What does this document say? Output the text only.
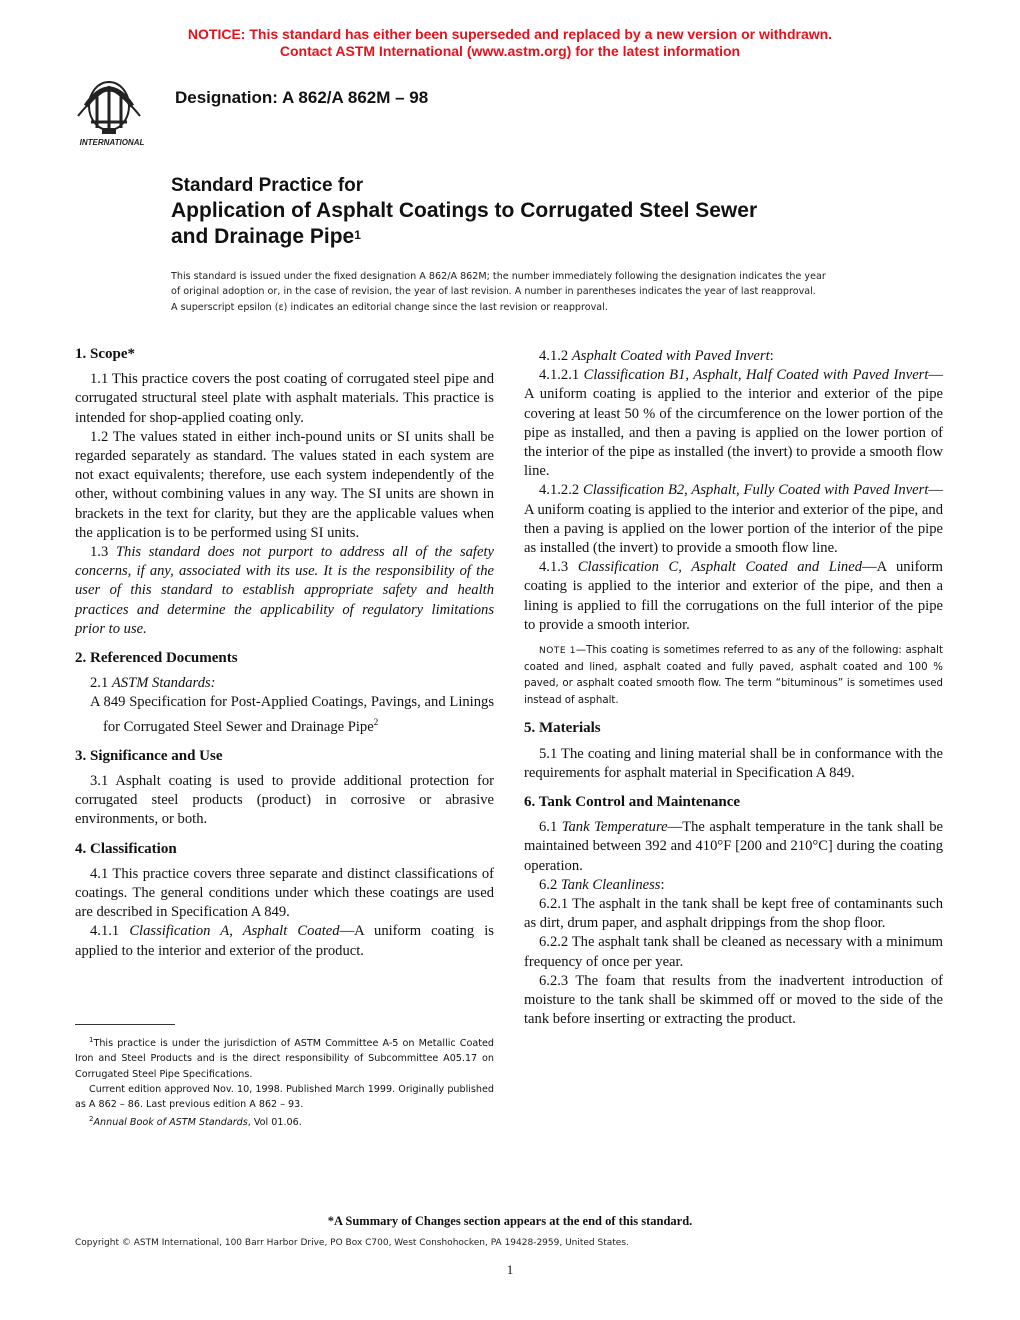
NOTICE: This standard has either been superseded and replaced by a new version or withdrawn.
Contact ASTM International (www.astm.org) for the latest information
INTERNATIONAL
Designation: A 862/A 862M – 98
Standard Practice for
Application of Asphalt Coatings to Corrugated Steel Sewer
and Drainage Pipe$^1$
This standard is issued under the fixed designation A 862/A 862M; the number immediately following the designation indicates the year
of original adoption or, in the case of revision, the year of last revision. A number in parentheses indicates the year of last reapproval.
A superscript epsilon (ε) indicates an editorial change since the last revision or reapproval.
1. Scope*

1.1 This practice covers the post coating of corrugated steel pipe and corrugated structural steel plate with asphalt materials. This practice is intended for shop-applied coating only.

1.2 The values stated in either inch-pound units or SI units shall be regarded separately as standard. The values stated in each system are not exact equivalents; therefore, use each system independently of the other, without combining values in any way. The SI units are shown in brackets in the text for clarity, but they are the applicable values when the application is to be performed using SI units.

1.3 This standard does not purport to address all of the safety concerns, if any, associated with its use. It is the responsibility of the user of this standard to establish appropriate safety and health practices and determine the applicability of regulatory limitations prior to use.

2. Referenced Documents

2.1 ASTM Standards:

A 849 Specification for Post-Applied Coatings, Pavings, and Linings for Corrugated Steel Sewer and Drainage Pipe$^2$

3. Significance and Use

3.1 Asphalt coating is used to provide additional protection for corrugated steel products (product) in corrosive or abrasive environments, or both.

4. Classification

4.1 This practice covers three separate and distinct classifications of coatings. The general conditions under which these coatings are used are described in Specification A 849.

4.1.1 Classification A, Asphalt Coated—A uniform coating is applied to the interior and exterior of the product.

4.1.2 Asphalt Coated with Paved Invert:

4.1.2.1 Classification B1, Asphalt, Half Coated with Paved Invert—A uniform coating is applied to the interior and exterior of the pipe covering at least 50 % of the circumference on the lower portion of the pipe as installed, and then a paving is applied on the lower portion of the interior of the pipe as installed (the invert) to provide a smooth flow line.

4.1.2.2 Classification B2, Asphalt, Fully Coated with Paved Invert—A uniform coating is applied to the interior and exterior of the pipe, and then a paving is applied on the lower portion of the interior of the pipe as installed (the invert) to provide a smooth flow line.

4.1.3 Classification C, Asphalt Coated and Lined—A uniform coating is applied to the interior and exterior of the pipe, and then a lining is applied to fill the corrugations on the full interior of the pipe to provide a smooth interior.

NOTE 1—This coating is sometimes referred to as any of the following: asphalt coated and lined, asphalt coated and fully paved, asphalt coated and 100 % paved, or asphalt coated smooth flow. The term “bituminous” is sometimes used instead of asphalt.

5. Materials

5.1 The coating and lining material shall be in conformance with the requirements for asphalt material in Specification A 849.

6. Tank Control and Maintenance

6.1 Tank Temperature—The asphalt temperature in the tank shall be maintained between 392 and 410°F [200 and 210°C] during the coating operation.

6.2 Tank Cleanliness:

6.2.1 The asphalt in the tank shall be kept free of contaminants such as dirt, drum paper, and asphalt drippings from the shop floor.

6.2.2 The asphalt tank shall be cleaned as necessary with a minimum frequency of once per year.

6.2.3 The foam that results from the inadvertent introduction of moisture to the tank shall be skimmed off or moved to the side of the tank before inserting or extracting the product.

$^1$This practice is under the jurisdiction of ASTM Committee A-5 on Metallic Coated Iron and Steel Products and is the direct responsibility of Subcommittee A05.17 on Corrugated Steel Pipe Specifications.

Current edition approved Nov. 10, 1998. Published March 1999. Originally published as A 862 – 86. Last previous edition A 862 – 93.

$^2$Annual Book of ASTM Standards, Vol 01.06.

*A Summary of Changes section appears at the end of this standard.
Copyright © ASTM International, 100 Barr Harbor Drive, PO Box C700, West Conshohocken, PA 19428-2959, United States.
1
